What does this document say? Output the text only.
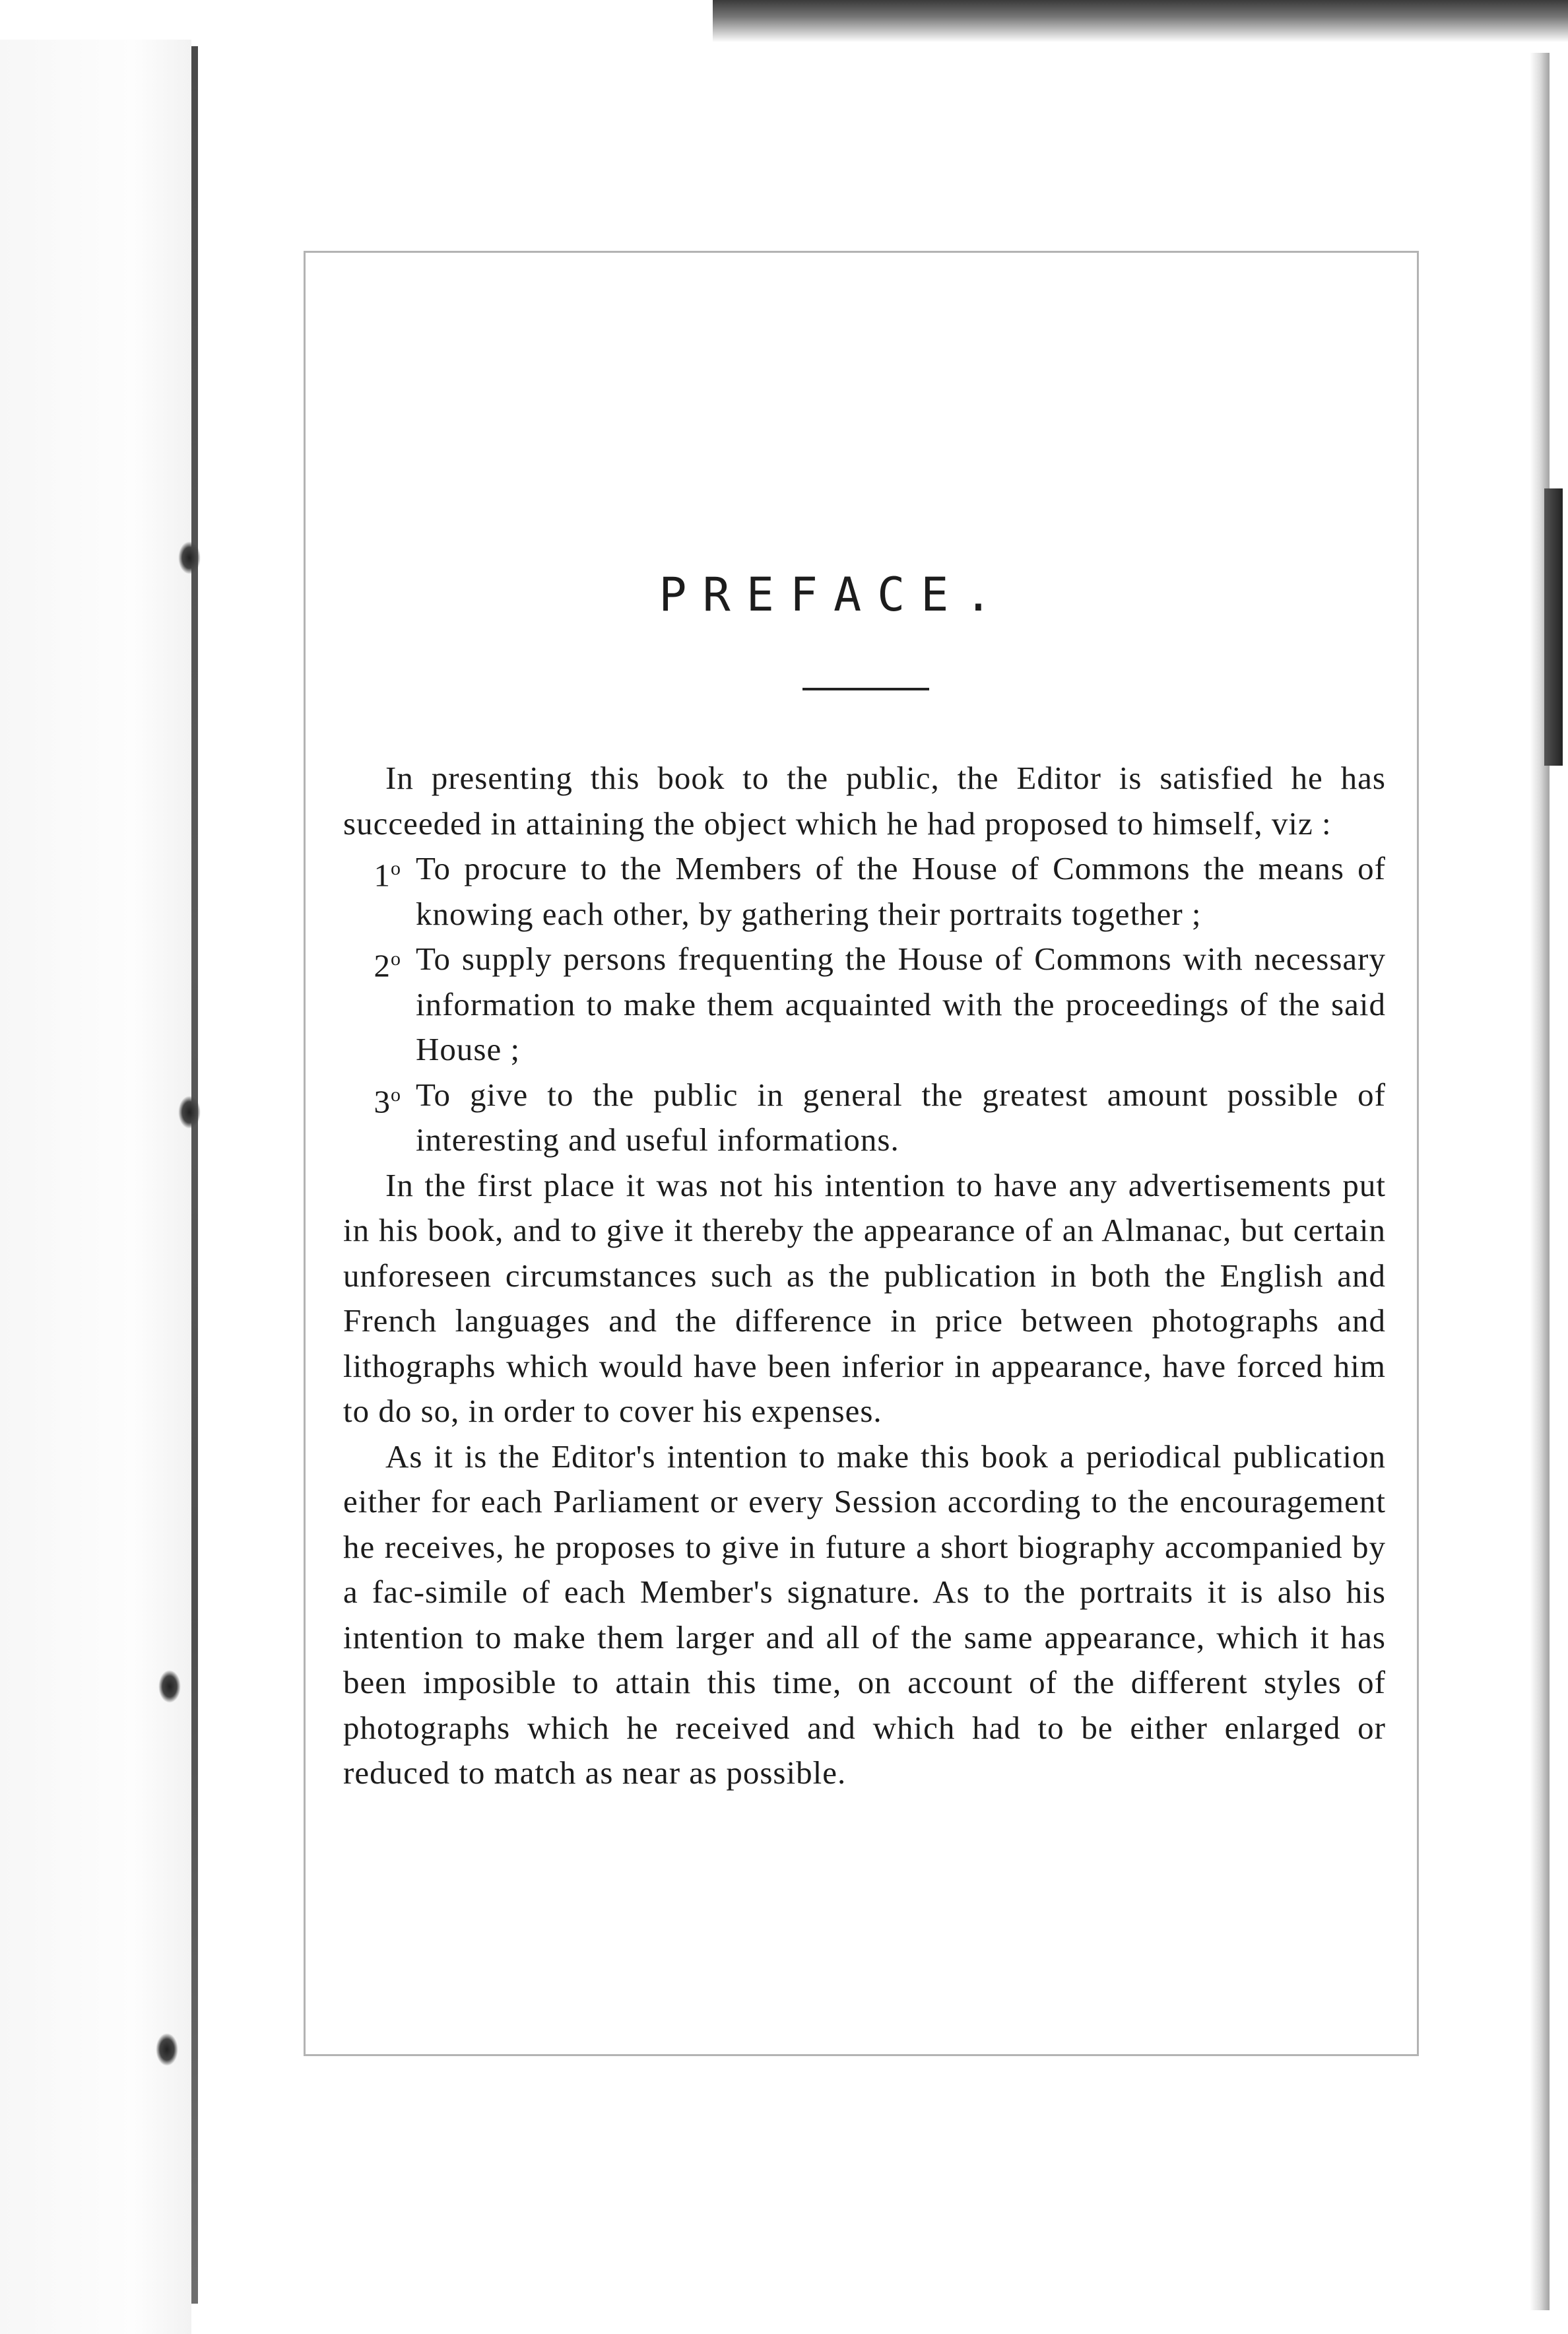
PREFACE.

In presenting this book to the public, the Editor is satisfied he has succeeded in attaining the object which he had proposed to himself, viz :

1$^o$ To procure to the Members of the House of Commons the means of knowing each other, by gathering their portraits together ;
2$^o$ To supply persons frequenting the House of Commons with necessary information to make them acquainted with the proceedings of the said House ;
3$^o$ To give to the public in general the greatest amount possible of interesting and useful informations.

In the first place it was not his intention to have any advertisements put in his book, and to give it thereby the appearance of an Almanac, but certain unforeseen circumstances such as the publication in both the English and French languages and the difference in price between photographs and lithographs which would have been inferior in appearance, have forced him to do so, in order to cover his expenses.

As it is the Editor's intention to make this book a periodical publication either for each Parliament or every Session according to the encouragement he receives, he proposes to give in future a short biography accompanied by a fac-simile of each Member's signature. As to the portraits it is also his intention to make them larger and all of the same appearance, which it has been imposible to attain this time, on account of the different styles of photographs which he received and which had to be either enlarged or reduced to match as near as possible.
